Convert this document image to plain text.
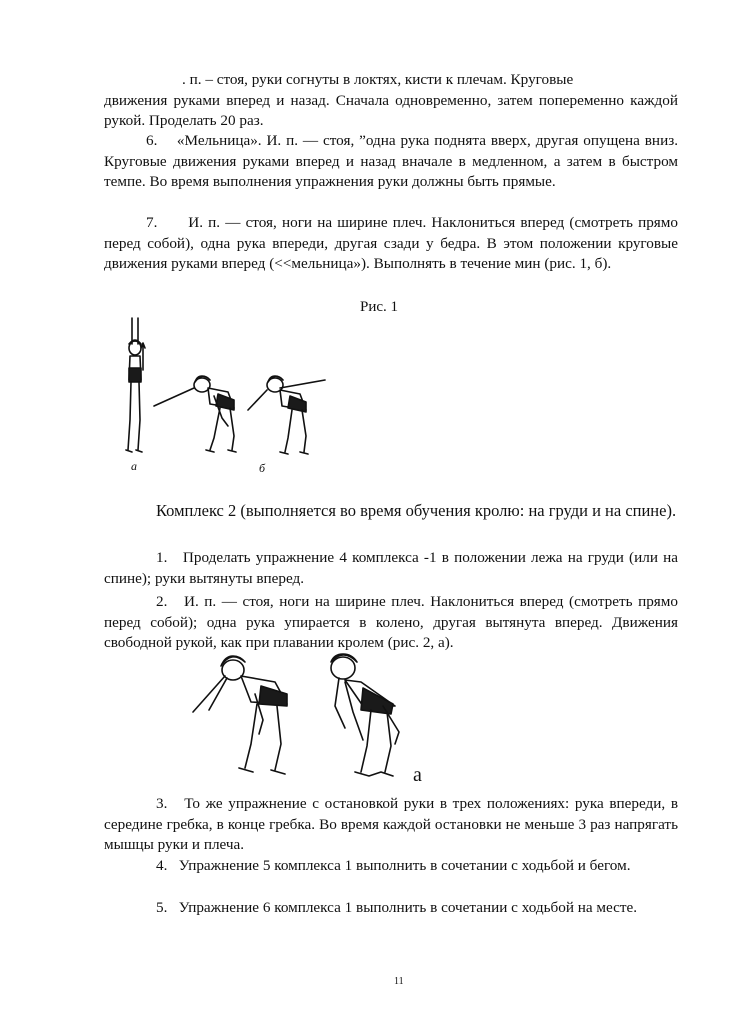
. п. – стоя, руки согнуты в локтях, кисти к плечам. Круговые
движения руками вперед и назад. Сначала одновременно, затем попеременно каждой рукой. Проделать 20 раз.

6.    «Мельница». И. п. — стоя, ”одна рука поднята вверх, другая опущена вниз. Круговые движения руками вперед и назад вначале в медленном, а затем в быстром темпе. Во время выполнения упражнения руки должны быть прямые.

7.      И. п. — стоя, ноги на ширине плеч. Наклониться вперед (смотреть прямо перед собой), одна рука впереди, другая сзади у бедра. В этом положении круговые движения руками вперед (<<мельница»). Выполнять в течение мин (рис. 1, б).

Рис. 1
а	б

Комплекс 2 (выполняется во время обучения кролю: на груди и на спине).

1.   Проделать упражнение 4 комплекса -1 в положении лежа на груди (или на спине); руки вытянуты вперед.

2.   И. п. — стоя, ноги на ширине плеч. Наклониться вперед (смотреть прямо перед собой); одна рука упирается в колено, другая вытянута вперед. Движения свободной рукой, как при плавании кролем (рис. 2, а).

а

3.   То же упражнение с остановкой руки в трех положениях: рука впереди, в середине гребка, в конце гребка. Во время каждой остановки не меньше 3 раз напрягать мышцы руки и плеча.

4.   Упражнение 5 комплекса 1 выполнить в сочетании с ходьбой и бегом.

5.   Упражнение 6 комплекса 1 выполнить в сочетании с ходьбой на месте.

11
